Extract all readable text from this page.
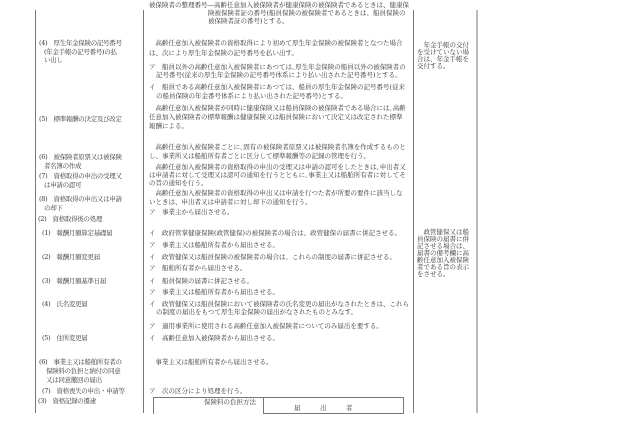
(4)　厚生年金保険の記号番号
(年金手帳の記号番号)の払
い出し
(5)　標準報酬の決定及び改定
(6)　被保険者原票又は被保険
者名簿の作成
(7)　資格取得の申出の受理又
は申請の認可
(8)　資格取得の申出又は申請
の却下
(2)　資格取得後の処理
(1)　報酬月額算定基礎届
(2)　報酬月額変更届
(3)　報酬月額基準日届
(4)　氏名変更届
(5)　住所変更届
(6)　事業主又は船舶所有者の
保険料の負担と納付の同意
又は同意撤回の届出
(7)　資格喪失の申出・申請等
(3)　資格記録の遷逮
被保険者の整理番号―高齢任意加入被保険者が健康保険の被保険者であるときは、健康保
険被保険者証の番号(船員保険の被保険者であるときは、船員保険の
被保険者証の番号)とする。
　高齢任意加入被保険者の資格取得により初めて厚生年金保険の被保険者となつた場合
は、次により厚生年金保険の記号番号を払い出す。
ア　船員以外の高齢任意加入被保険者にあつては､厚生年金保険の船員以外の被保険者の
記号番号(従来の厚生年金保険の記号番号体系により払い出された記号番号)とする。
イ　船員である高齢任意加入被保険者にあつては、船員の厚生年金保険の記号番号(従来
の船員保険の年金番号体系により払い出された記号番号)とする。
　高齢任意加入被保険者が同時に健康保険又は船員保険の被保険者である場合には､高齢
任意加入被保険者の標準報酬は健康保険又は船員保険において決定又は改定された標準
報酬による。
　高齢任意加入被保険者ごとに､固有の被保険者原票又は被保険者名簿を作成するものと
し、事業所又は船舶所有者ごとに区分して標準報酬等の記録の管理を行う。
　高齢任意加入被保険者の資格取得の申出の受理又は申請の認可をしたときは､申出者又
は申請者に対して受理又は認可の通知を行うとともに､事業主又は船舶所有者に対してそ
の旨の通知を行う。
　高齢任意加入被保険者の資格取得の申出又は申請を行つた者が所要の要件に該当しな
いときは、申出者又は申請者に対し却下の通知を行う。
ア　事業主から届出させる。
イ　政府管掌健康保険(政管健保)の被保険者の場合は、政管健保の届書に併記させる。
ア　事業主又は船舶所有者から届出させる。
イ　政管健保又は船員保険の被保険者の場合は、これらの制度の届書に併記させる。
ア　船舶所有者から届出させる。
イ　船員保険の届書に併記させる。
ア　事業主又は船舶所有者から届出させる。
イ　政管健保又は船員保険において被保険者の氏名変更の届出がなされたときは、これら
の制度の届出をもつて厚生年金保険の届出がなされたものとみなす。
ア　適用事業所に使用される高齢任意加入被保険者についてのみ届出を要する。
イ　高齢任意加入被保険者から届出させる。
　事業主又は船舶所有者から届出させる。
ア　次の区分により処理を行う。
保険料の負担方法
届　　　出　　　者
　年金手帳の交付
を受けていない場
合は、年金手帳を
交付する。
　政管健保又は船
員保険の届書に併
記させる場合は、
届書の備考欄に高
齢任意加入被保険
者である旨の表示
をさせる。
